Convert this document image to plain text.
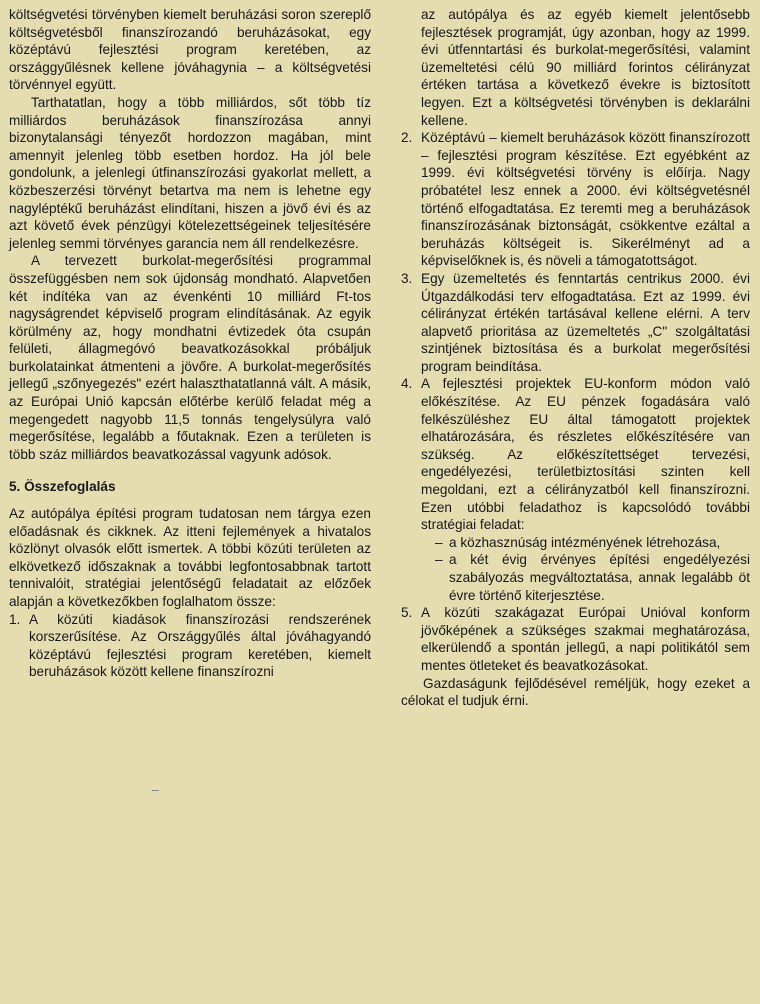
költségvetési törvényben kiemelt beruházási soron szereplő költségvetésből finanszírozandó beruházásokat, egy középtávú fejlesztési program keretében, az országgyűlésnek kellene jóváhagynia – a költségvetési törvénnyel együtt.

Tarthatatlan, hogy a több milliárdos, sőt több tíz milliárdos beruházások finanszírozása annyi bizonytalansági tényezőt hordozzon magában, mint amennyit jelenleg több esetben hordoz. Ha jól bele gondolunk, a jelenlegi útfinanszírozási gyakorlat mellett, a közbeszerzési törvényt betartva ma nem is lehetne egy nagyléptékű beruházást elindítani, hiszen a jövő évi és az azt követő évek pénzügyi kötelezettségeinek teljesítésére jelenleg semmi törvényes garancia nem áll rendelkezésre.

A tervezett burkolat-megerősítési programmal összefüggésben nem sok újdonság mondható. Alapvetően két indítéka van az évenkénti 10 milliárd Ft-tos nagyságrendet képviselő program elindításának. Az egyik körülmény az, hogy mondhatni évtizedek óta csupán felületi, állagmegóvó beavatkozásokkal próbáljuk burkolatainkat átmenteni a jövőre. A burkolat-megerősítés jellegű „szőnyegezés" ezért halaszthatatlanná vált. A másik, az Európai Unió kapcsán előtérbe kerülő feladat még a megengedett nagyobb 11,5 tonnás tengelysúlyra való megerősítése, legalább a főutaknak. Ezen a területen is több száz milliárdos beavatkozással vagyunk adósok.

5. Összefoglalás

Az autópálya építési program tudatosan nem tárgya ezen előadásnak és cikknek. Az itteni fejlemények a hivatalos közlönyt olvasók előtt ismertek. A többi közúti területen az elkövetkező időszaknak a további legfontosabbnak tartott tennivalóit, stratégiai jelentőségű feladatait az előzőek alapján a következőkben foglalhatom össze:

1. A közúti kiadások finanszírozási rendszerének korszerűsítése. Az Országgyűlés által jóváhagyandó középtávú fejlesztési program keretében, kiemelt beruházások között kellene finanszírozni
az autópálya és az egyéb kiemelt jelentősebb fejlesztések programját, úgy azonban, hogy az 1999. évi útfenntartási és burkolat-megerősítési, valamint üzemeltetési célú 90 milliárd forintos célirányzat értéken tartása a következő évekre is biztosított legyen. Ezt a költségvetési törvényben is deklarálni kellene.
2. Középtávú – kiemelt beruházások között finanszírozott – fejlesztési program készítése. Ezt egyébként az 1999. évi költségvetési törvény is előírja. Nagy próbatétel lesz ennek a 2000. évi költségvetésnél történő elfogadtatása. Ez teremti meg a beruházások finanszírozásának biztonságát, csökkentve ezáltal a beruházás költségeit is. Sikerélményt ad a képviselőknek is, és növeli a támogatottságot.
3. Egy üzemeltetés és fenntartás centrikus 2000. évi Útgazdálkodási terv elfogadtatása. Ezt az 1999. évi célirányzat értékén tartásával kellene elérni. A terv alapvető prioritása az üzemeltetés „C" szolgáltatási szintjének biztosítása és a burkolat megerősítési program beindítása.
4. A fejlesztési projektek EU-konform módon való előkészítése. Az EU pénzek fogadására való felkészüléshez EU által támogatott projektek elhatározására, és részletes előkészítésére van szükség. Az előkészítettséget tervezési, engedélyezési, területbiztosítási szinten kell megoldani, ezt a célirányzatból kell finanszírozni. Ezen utóbbi feladathoz is kapcsolódó további stratégiai feladat:
– a közhasznúság intézményének létrehozása,
– a két évig érvényes építési engedélyezési szabályozás megváltoztatása, annak legalább öt évre történő kiterjesztése.
5. A közúti szakágazat Európai Unióval konform jövőképének a szükséges szakmai meghatározása, elkerülendő a spontán jellegű, a napi politikától sem mentes ötleteket és beavatkozásokat.

Gazdaságunk fejlődésével reméljük, hogy ezeket a célokat el tudjuk érni.
